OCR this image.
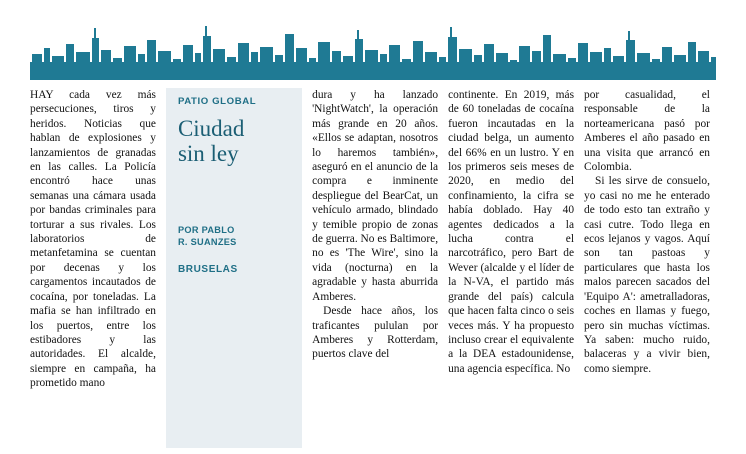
HAY cada vez más persecuciones, tiros y heridos. Noticias que hablan de explosiones y lanzamientos de granadas en las calles. La Policía encontró hace unas semanas una cámara usada por bandas criminales para torturar a sus rivales. Los laboratorios de metanfetamina se cuentan por decenas y los cargamentos incautados de cocaína, por toneladas. La mafia se han infiltrado en los puertos, entre los estibadores y las autoridades. El alcalde, siempre en campaña, ha prometido mano

PATIO GLOBAL

Ciudad
sin ley

POR PABLO
R. SUANZES

BRUSELAS

dura y ha lanzado 'NightWatch', la operación más grande en 20 años. «Ellos se adaptan, nosotros lo haremos también», aseguró en el anuncio de la compra e inminente despliegue del BearCat, un vehículo armado, blindado y temible propio de zonas de guerra. No es Baltimore, no es 'The Wire', sino la vida (nocturna) en la agradable y hasta aburrida Amberes.

Desde hace años, los traficantes pululan por Amberes y Rotterdam, puertos clave del

continente. En 2019, más de 60 toneladas de cocaína fueron incautadas en la ciudad belga, un aumento del 66% en un lustro. Y en los primeros seis meses de 2020, en medio del confinamiento, la cifra se había doblado. Hay 40 agentes dedicados a la lucha contra el narcotráfico, pero Bart de Wever (alcalde y el líder de la N-VA, el partido más grande del país) calcula que hacen falta cinco o seis veces más. Y ha propuesto incluso crear el equivalente a la DEA estadounidense, una agencia específica. No

por casualidad, el responsable de la norteamericana pasó por Amberes el año pasado en una visita que arrancó en Colombia.

Si les sirve de consuelo, yo casi no me he enterado de todo esto tan extraño y casi cutre. Todo llega en ecos lejanos y vagos. Aquí son tan pastoas y particulares que hasta los malos parecen sacados del 'Equipo A': ametralladoras, coches en llamas y fuego, pero sin muchas víctimas. Ya saben: mucho ruido, balaceras y a vivir bien, como siempre.
